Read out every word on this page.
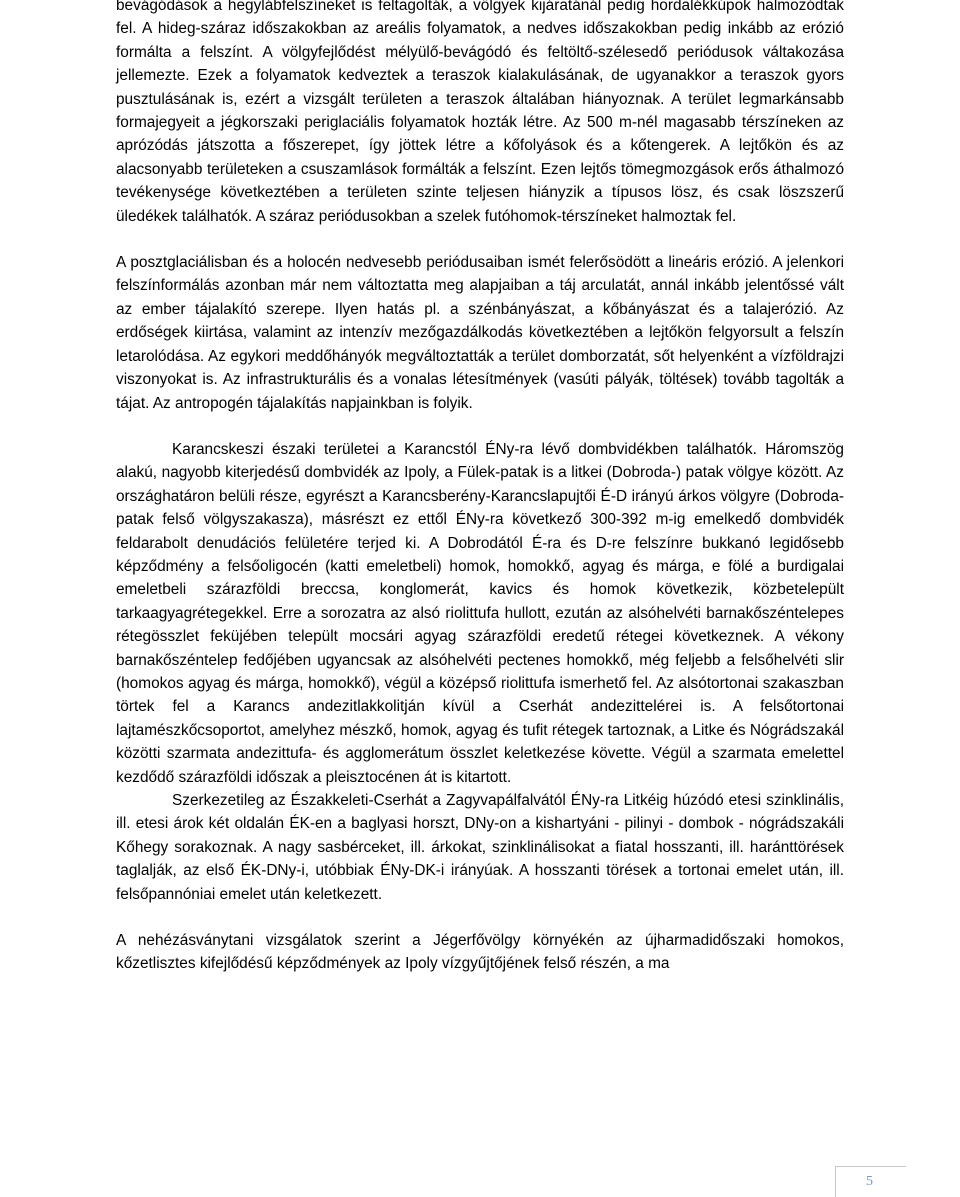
bevágódások a hegylábfelszíneket is feltagolták, a völgyek kijáratánál pedig hordalékkúpok halmozódtak fel. A hideg-száraz időszakokban az areális folyamatok, a nedves időszakokban pedig inkább az erózió formálta a felszínt. A völgyfejlődést mélyülő-bevágódó és feltöltő-szélesedő periódusok váltakozása jellemezte. Ezek a folyamatok kedveztek a teraszok kialakulásának, de ugyanakkor a teraszok gyors pusztulásának is, ezért a vizsgált területen a teraszok általában hiányoznak. A terület legmarkánsabb formajegyeit a jégkorszaki periglaciális folyamatok hozták létre. Az 500 m-nél magasabb térszíneken az aprózódás játszotta a főszerepet, így jöttek létre a kőfolyások és a kőtengerek. A lejtőkön és az alacsonyabb területeken a csuszamlások formálták a felszínt. Ezen lejtős tömegmozgások erős áthalmozó tevékenysége következtében a területen szinte teljesen hiányzik a típusos lösz, és csak löszszerű üledékek találhatók. A száraz periódusokban a szelek futóhomok-térszíneket halmoztak fel.

A posztglaciálisban és a holocén nedvesebb periódusaiban ismét felerősödött a lineáris erózió. A jelenkori felszínformálás azonban már nem változtatta meg alapjaiban a táj arculatát, annál inkább jelentőssé vált az ember tájalakító szerepe. Ilyen hatás pl. a szénbányászat, a kőbányászat és a talajerózió. Az erdőségek kiirtása, valamint az intenzív mezőgazdálkodás következtében a lejtőkön felgyorsult a felszín letarolódása. Az egykori meddőhányók megváltoztatták a terület domborzatát, sőt helyenként a vízföldrajzi viszonyokat is. Az infrastrukturális és a vonalas létesítmények (vasúti pályák, töltések) tovább tagolták a tájat. Az antropogén tájalakítás napjainkban is folyik.

Karancskeszi északi területei a Karancstól ÉNy-ra lévő dombvidékben találhatók. Háromszög alakú, nagyobb kiterjedésű dombvidék az Ipoly, a Fülek-patak is a litkei (Dobroda-) patak völgye között. Az országhatáron belüli része, egyrészt a Karancsberény-Karancslapujtői É-D irányú árkos völgyre (Dobroda-patak felső völgyszakasza), másrészt ez ettől ÉNy-ra következő 300-392 m-ig emelkedő dombvidék feldarabolt denudációs felületére terjed ki. A Dobrodától É-ra és D-re felszínre bukkanó legidősebb képződmény a felsőoligocén (katti emeletbeli) homok, homokkő, agyag és márga, e fölé a burdigalai emeletbeli szárazföldi breccsa, konglomerát, kavics és homok következik, közbetelepült tarkaagyagrétegekkel. Erre a sorozatra az alsó riolittufa hullott, ezután az alsóhelvéti barnakőszéntelepes rétegösszlet feküjében települt mocsári agyag szárazföldi eredetű rétegei következnek. A vékony barnakőszéntelep fedőjében ugyancsak az alsóhelvéti pectenes homokkő, még feljebb a felsőhelvéti slir (homokos agyag és márga, homokkő), végül a középső riolittufa ismerhető fel. Az alsótortonai szakaszban törtek fel a Karancs andezitlakkolitján kívül a Cserhát andezittelérei is. A felsőtortonai lajtamészkőcsoportot, amelyhez mészkő, homok, agyag és tufit rétegek tartoznak, a Litke és Nógrádszakál közötti szarmata andezittufa- és agglomerátum összlet keletkezése követte. Végül a szarmata emelettel kezdődő szárazföldi időszak a pleisztocénen át is kitartott.

Szerkezetileg az Északkeleti-Cserhát a Zagyvapálfalvától ÉNy-ra Litkéig húzódó etesi szinklinális, ill. etesi árok két oldalán ÉK-en a baglyasi horszt, DNy-on a kishartyáni - pilinyi - dombok - nógrádszakáli Kőhegy sorakoznak. A nagy sasbérceket, ill. árkokat, szinklinálisokat a fiatal hosszanti, ill. haránttörések taglalják, az első ÉK-DNy-i, utóbbiak ÉNy-DK-i irányúak. A hosszanti törések a tortonai emelet után, ill. felsőpannóniai emelet után keletkezett.

A nehézásványtani vizsgálatok szerint a Jégerfővölgy környékén az újharmadidőszaki homokos, kőzetlisztes kifejlődésű képződmények az Ipoly vízgyűjtőjének felső részén, a ma

5
